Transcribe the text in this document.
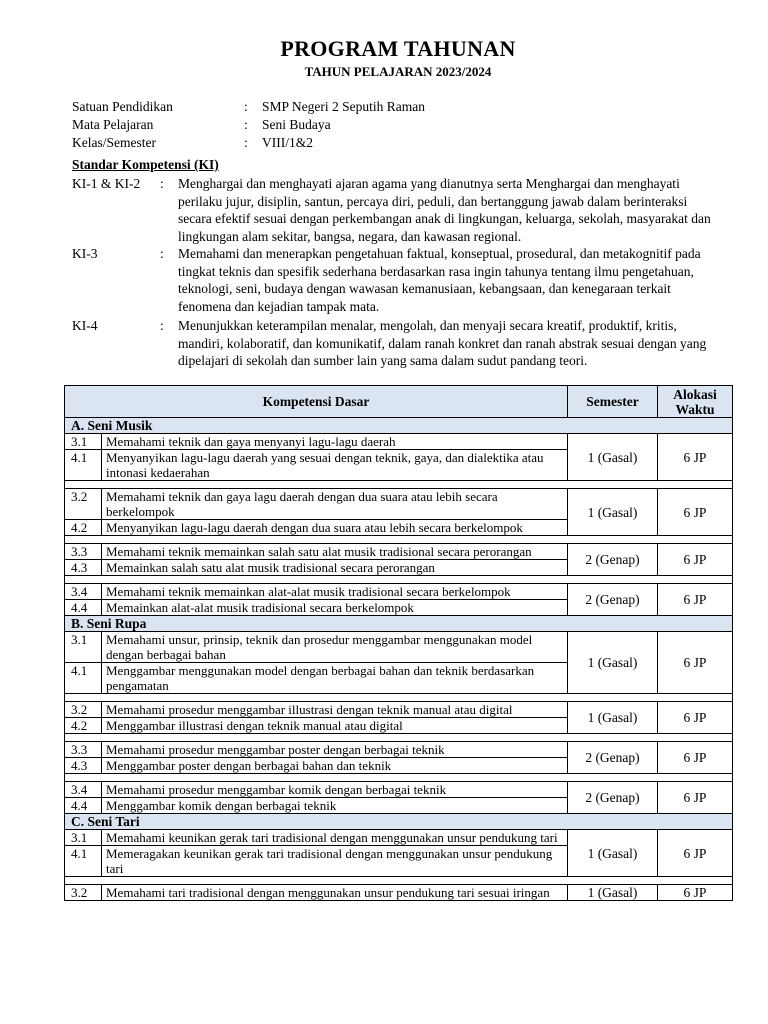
PROGRAM TAHUNAN
TAHUN PELAJARAN 2023/2024
Satuan Pendidikan	:	SMP Negeri 2 Seputih Raman
Mata Pelajaran	:	Seni Budaya
Kelas/Semester	:	VIII/1&2
Standar Kompetensi (KI)
KI-1 & KI-2	:	Menghargai dan menghayati ajaran agama yang dianutnya serta Menghargai dan menghayati perilaku jujur, disiplin, santun, percaya diri, peduli, dan bertanggung jawab dalam berinteraksi secara efektif sesuai dengan perkembangan anak di lingkungan, keluarga, sekolah, masyarakat dan lingkungan alam sekitar, bangsa, negara, dan kawasan regional.
KI-3	:	Memahami dan menerapkan pengetahuan faktual, konseptual, prosedural, dan metakognitif pada tingkat teknis dan spesifik sederhana berdasarkan rasa ingin tahunya tentang ilmu pengetahuan, teknologi, seni, budaya dengan wawasan kemanusiaan, kebangsaan, dan kenegaraan terkait fenomena dan kejadian tampak mata.
KI-4	:	Menunjukkan keterampilan menalar, mengolah, dan menyaji secara kreatif, produktif, kritis, mandiri, kolaboratif, dan komunikatif, dalam ranah konkret dan ranah abstrak sesuai dengan yang dipelajari di sekolah dan sumber lain yang sama dalam sudut pandang teori.
Kompetensi Dasar		Semester	Alokasi Waktu
A. Seni Musik			
3.1	Memahami teknik dan gaya menyanyi lagu-lagu daerah	1 (Gasal)	6 JP
4.1	Menyanyikan lagu-lagu daerah yang sesuai dengan teknik, gaya, dan dialektika atau intonasi kedaerahan		

3.2	Memahami teknik dan gaya lagu daerah dengan dua suara atau lebih secara berkelompok	1 (Gasal)	6 JP
4.2	Menyanyikan lagu-lagu daerah dengan dua suara atau lebih secara berkelompok		

3.3	Memahami teknik memainkan salah satu alat musik tradisional secara perorangan	2 (Genap)	6 JP
4.3	Memainkan salah satu alat musik tradisional secara perorangan		

3.4	Memahami teknik memainkan alat-alat musik tradisional secara berkelompok	2 (Genap)	6 JP
4.4	Memainkan alat-alat musik tradisional secara berkelompok		
B. Seni Rupa			
3.1	Memahami unsur, prinsip, teknik dan prosedur menggambar menggunakan model dengan berbagai bahan	1 (Gasal)	6 JP
4.1	Menggambar menggunakan model dengan berbagai bahan dan teknik berdasarkan pengamatan		

3.2	Memahami prosedur menggambar illustrasi dengan teknik manual atau digital	1 (Gasal)	6 JP
4.2	Menggambar illustrasi dengan teknik manual atau digital		

3.3	Memahami prosedur menggambar poster dengan berbagai teknik	2 (Genap)	6 JP
4.3	Menggambar poster dengan berbagai bahan dan teknik		

3.4	Memahami prosedur menggambar komik dengan berbagai teknik	2 (Genap)	6 JP
4.4	Menggambar komik dengan berbagai teknik		
C. Seni Tari			
3.1	Memahami keunikan gerak tari tradisional dengan menggunakan unsur pendukung tari	1 (Gasal)	6 JP
4.1	Memeragakan keunikan gerak tari tradisional dengan menggunakan unsur pendukung tari		

3.2	Memahami tari tradisional dengan menggunakan unsur pendukung tari sesuai iringan	1 (Gasal)	6 JP
